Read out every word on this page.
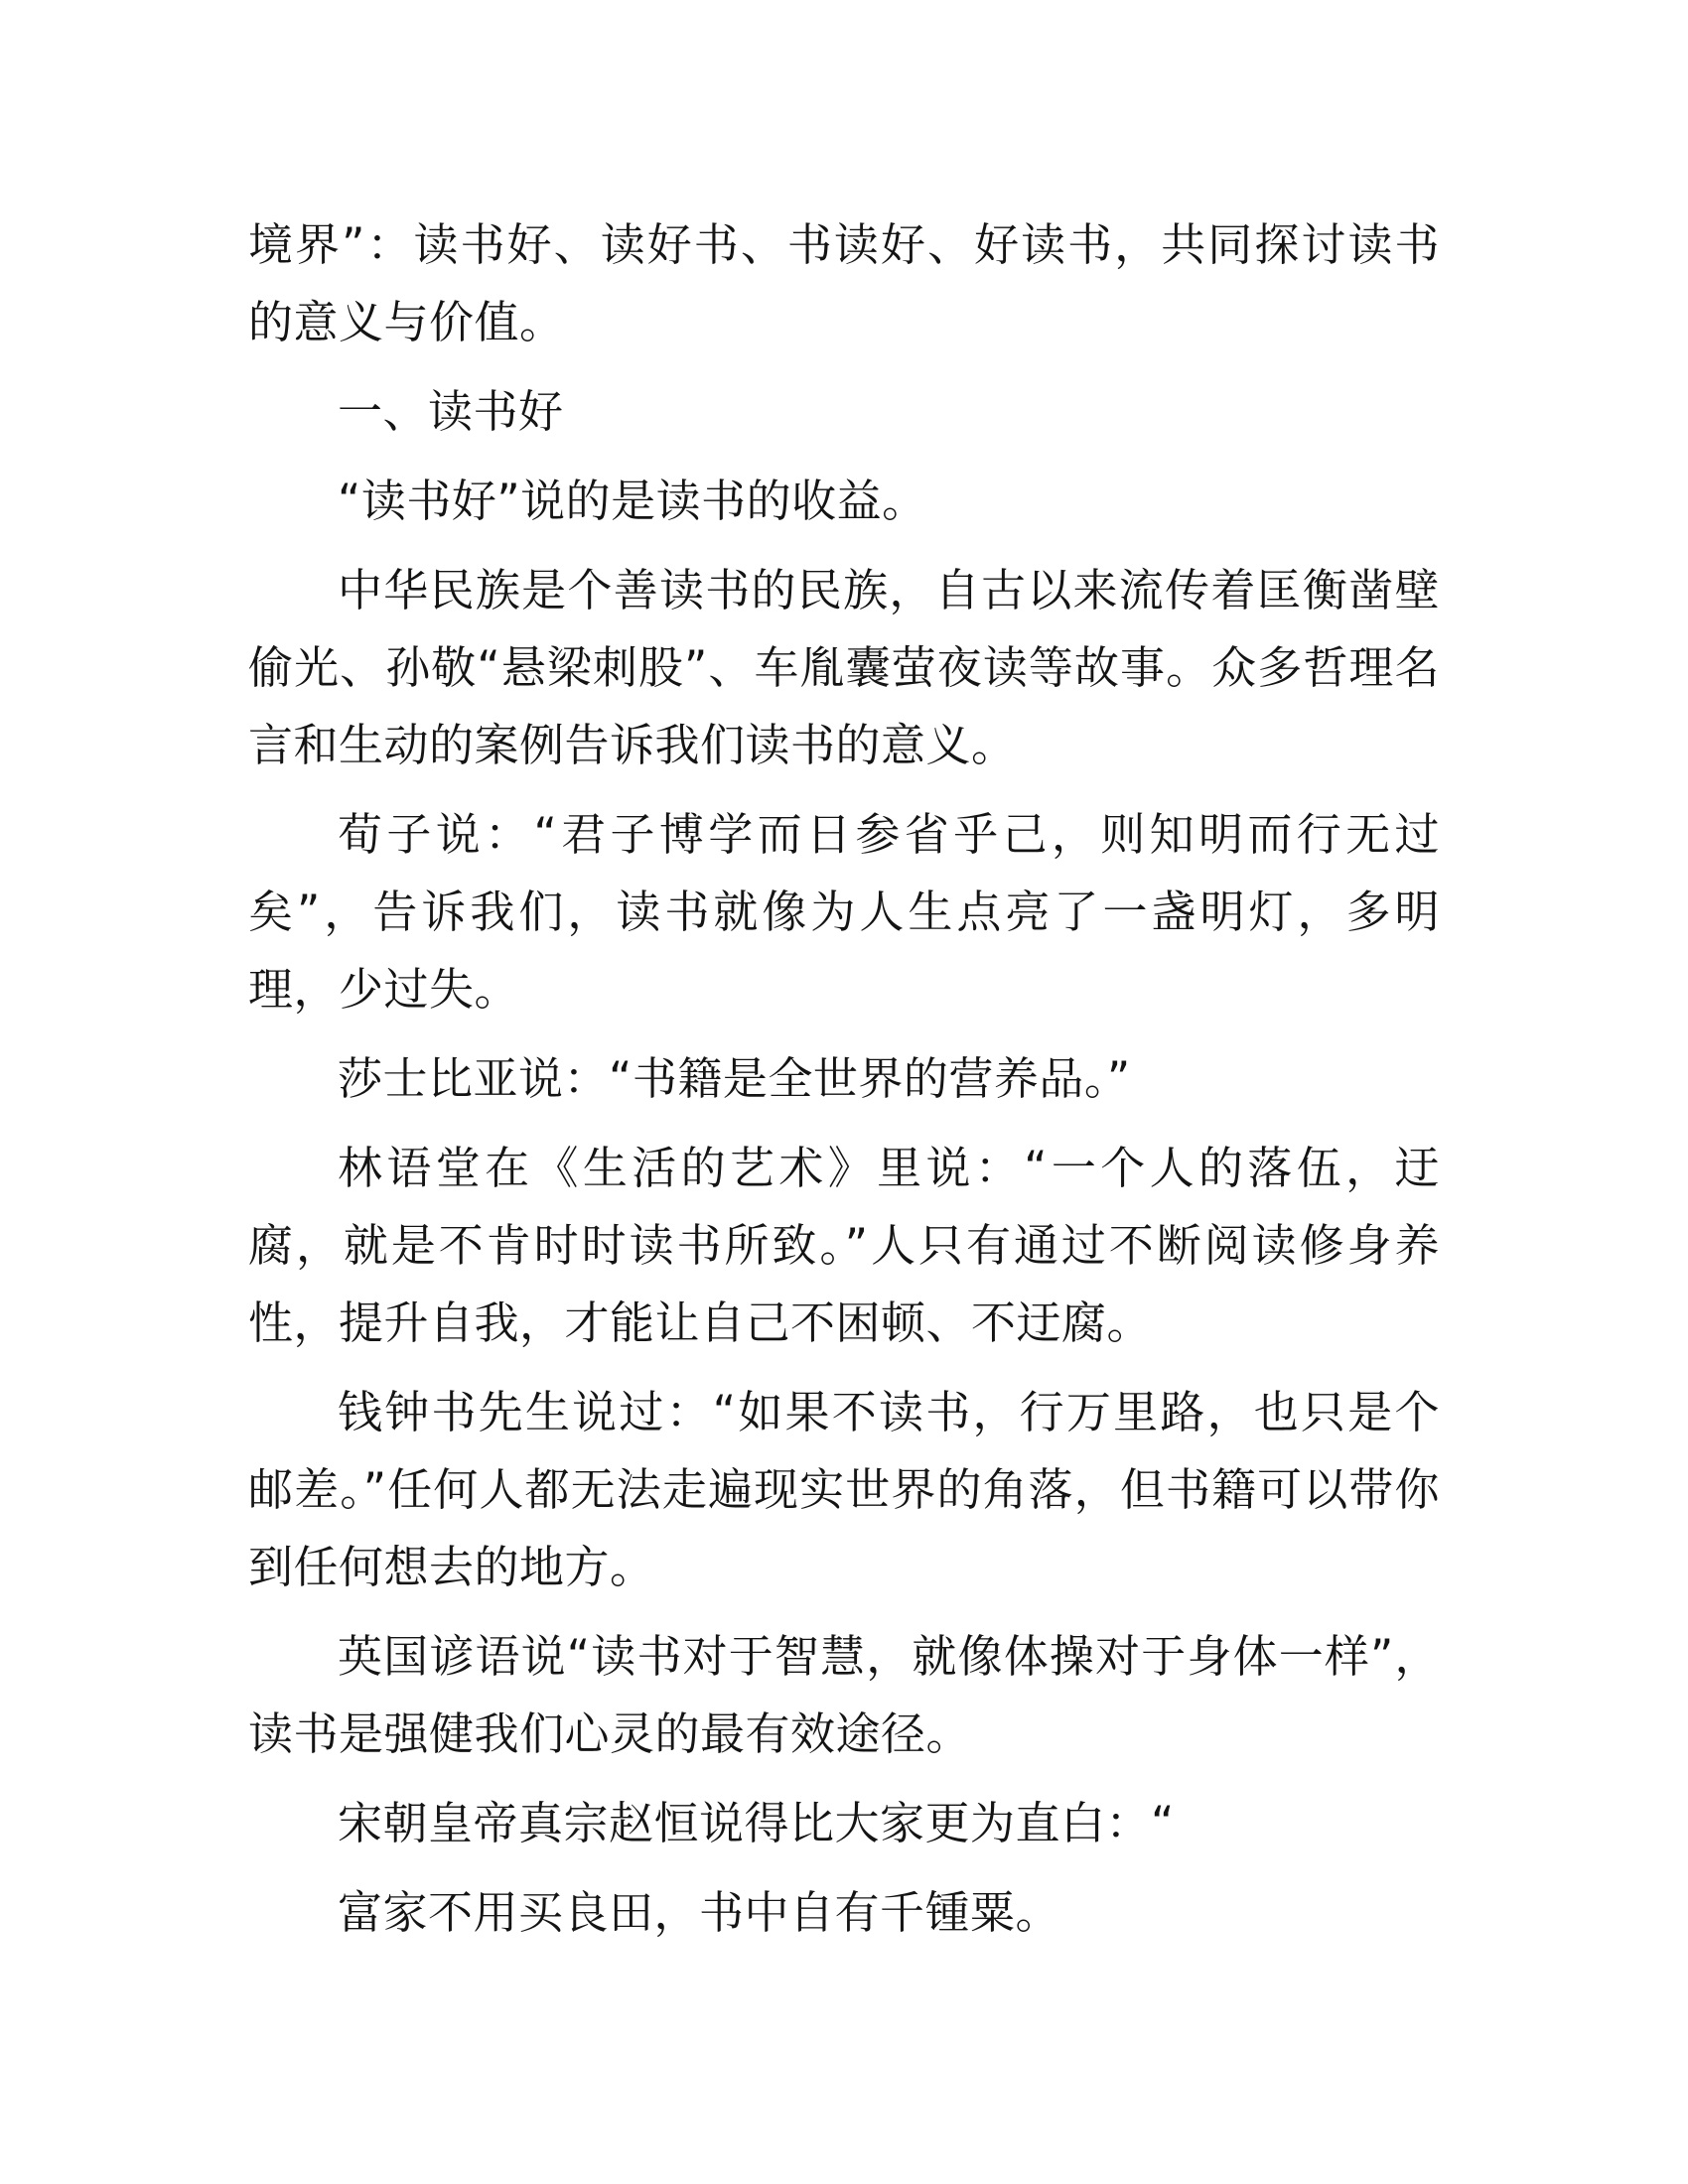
境界”：读书好、读好书、书读好、好读书，共同探讨读书的意义与价值。

一、读书好

“读书好”说的是读书的收益。

中华民族是个善读书的民族，自古以来流传着匡衡凿壁偷光、孙敬“悬梁刺股”、车胤囊萤夜读等故事。众多哲理名言和生动的案例告诉我们读书的意义。

荀子说：“君子博学而日参省乎己，则知明而行无过矣”，告诉我们，读书就像为人生点亮了一盏明灯，多明理，少过失。

莎士比亚说：“书籍是全世界的营养品。”

林语堂在《生活的艺术》里说：“一个人的落伍，迂腐，就是不肯时时读书所致。”人只有通过不断阅读修身养性，提升自我，才能让自己不困顿、不迂腐。

钱钟书先生说过：“如果不读书，行万里路，也只是个邮差。”任何人都无法走遍现实世界的角落，但书籍可以带你到任何想去的地方。

英国谚语说“读书对于智慧，就像体操对于身体一样”，读书是强健我们心灵的最有效途径。

宋朝皇帝真宗赵恒说得比大家更为直白：“

富家不用买良田，书中自有千锺粟。
